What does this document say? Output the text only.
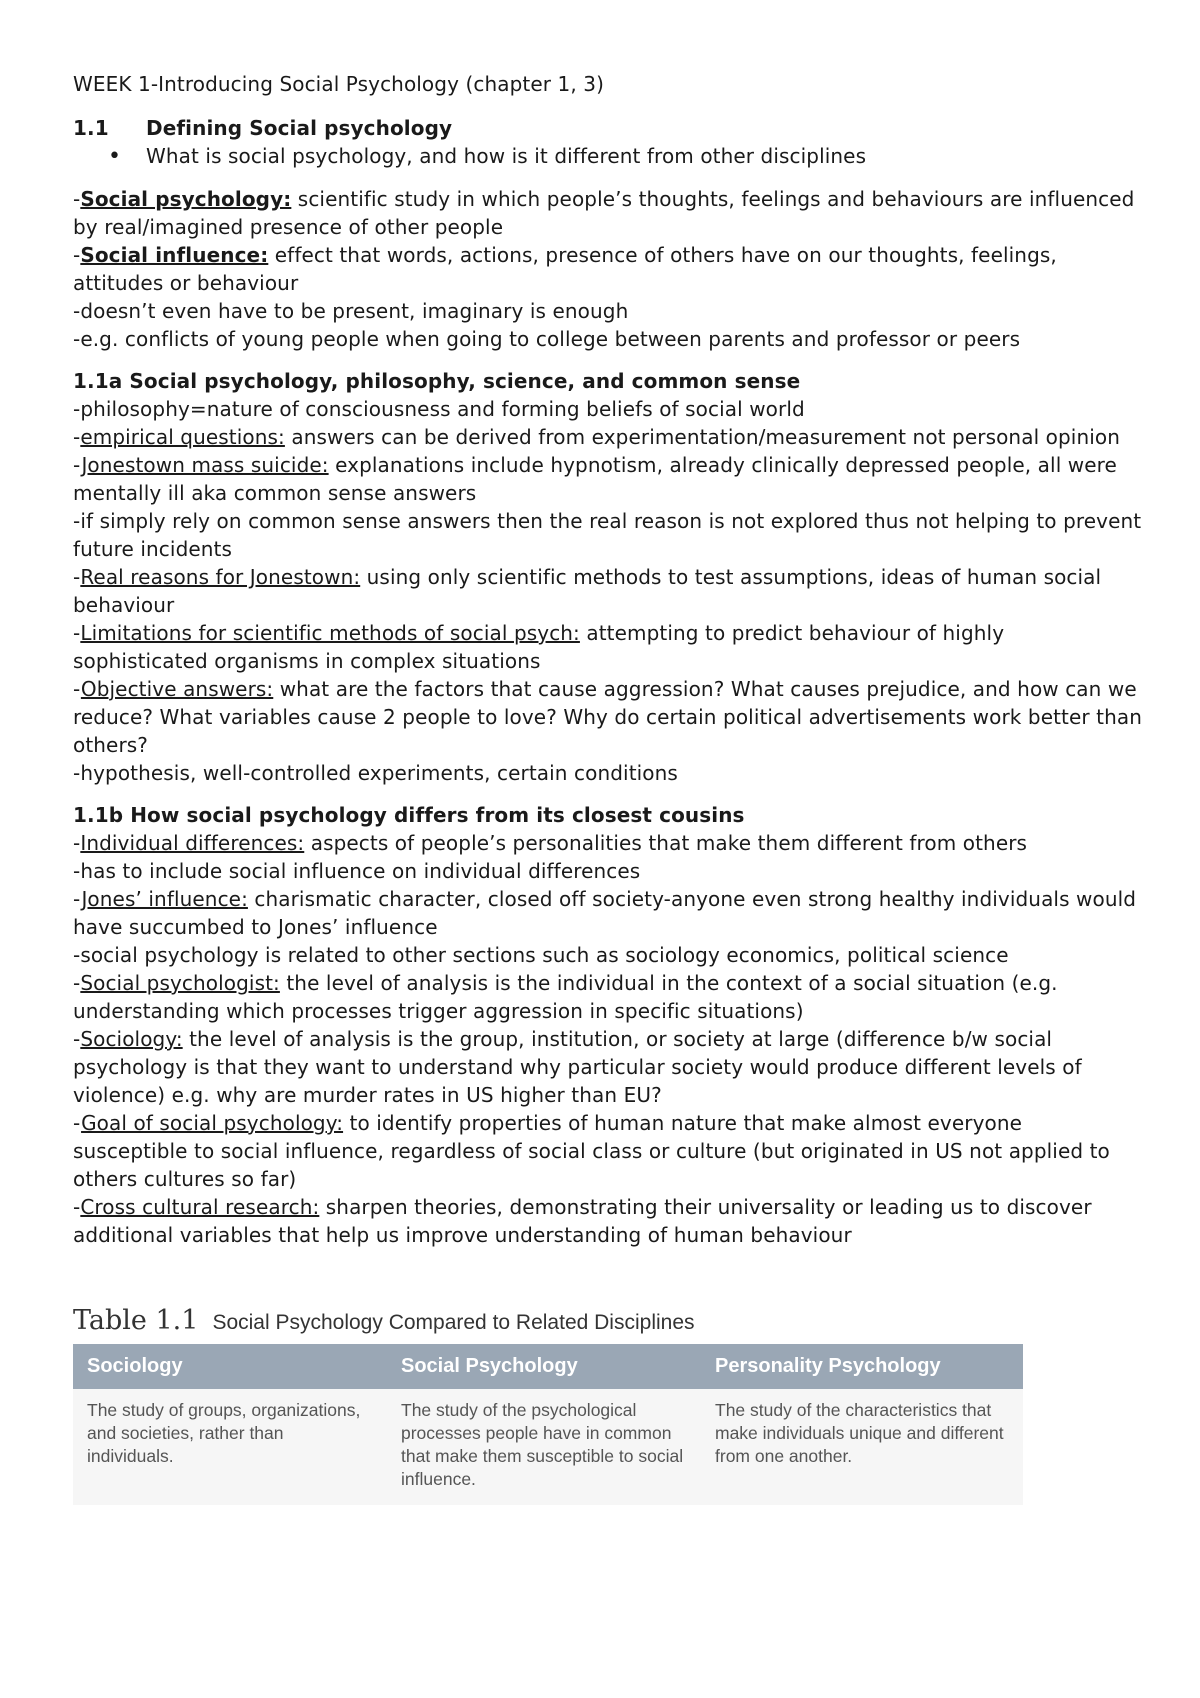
WEEK 1-Introducing Social Psychology (chapter 1, 3)

1.1 Defining Social psychology

•
What is social psychology, and how is it different from other disciplines

-Social psychology: scientific study in which people’s thoughts, feelings and behaviours are influenced by real/imagined presence of other people

-Social influence: effect that words, actions, presence of others have on our thoughts, feelings, attitudes or behaviour

-doesn’t even have to be present, imaginary is enough

-e.g. conflicts of young people when going to college between parents and professor or peers

1.1a Social psychology, philosophy, science, and common sense

-philosophy=nature of consciousness and forming beliefs of social world

-empirical questions: answers can be derived from experimentation/measurement not personal opinion

-Jonestown mass suicide: explanations include hypnotism, already clinically depressed people, all were mentally ill aka common sense answers

-if simply rely on common sense answers then the real reason is not explored thus not helping to prevent future incidents

-Real reasons for Jonestown: using only scientific methods to test assumptions, ideas of human social behaviour

-Limitations for scientific methods of social psych: attempting to predict behaviour of highly sophisticated organisms in complex situations

-Objective answers: what are the factors that cause aggression? What causes prejudice, and how can we reduce? What variables cause 2 people to love? Why do certain political advertisements work better than others?

-hypothesis, well-controlled experiments, certain conditions

1.1b How social psychology differs from its closest cousins

-Individual differences: aspects of people’s personalities that make them different from others

-has to include social influence on individual differences

-Jones’ influence: charismatic character, closed off society-anyone even strong healthy individuals would have succumbed to Jones’ influence

-social psychology is related to other sections such as sociology economics, political science

-Social psychologist: the level of analysis is the individual in the context of a social situation (e.g. understanding which processes trigger aggression in specific situations)

-Sociology: the level of analysis is the group, institution, or society at large (difference b/w social psychology is that they want to understand why particular society would produce different levels of violence) e.g. why are murder rates in US higher than EU?

-Goal of social psychology: to identify properties of human nature that make almost everyone susceptible to social influence, regardless of social class or culture (but originated in US not applied to others cultures so far)

-Cross cultural research: sharpen theories, demonstrating their universality or leading us to discover additional variables that help us improve understanding of human behaviour

Table 1.1 Social Psychology Compared to Related Disciplines
Sociology	Social Psychology	Personality Psychology
The study of groups, organizations, and societies, rather than individuals.	The study of the psychological processes people have in common that make them susceptible to social influence.	The study of the characteristics that make individuals unique and different from one another.
